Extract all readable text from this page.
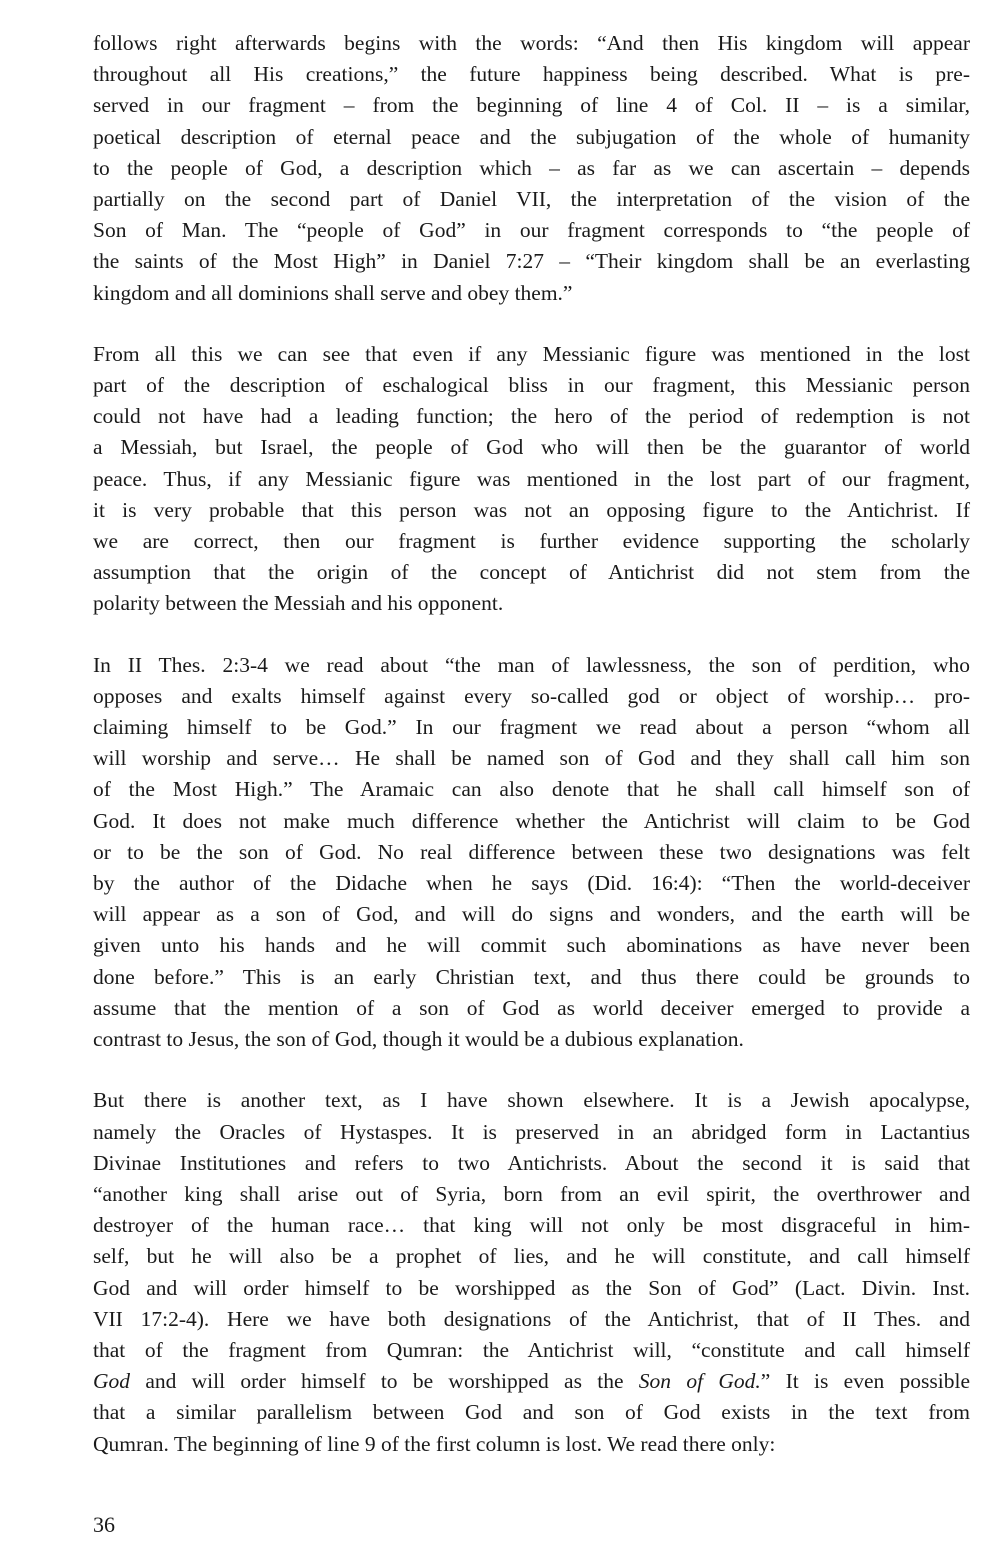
follows right afterwards begins with the words: “And then His kingdom will appear
throughout all His creations,” the future happiness being described. What is pre-
served in our fragment – from the beginning of line 4 of Col. II – is a similar,
poetical description of eternal peace and the subjugation of the whole of humanity
to the people of God, a description which – as far as we can ascertain – depends
partially on the second part of Daniel VII, the interpretation of the vision of the
Son of Man. The “people of God” in our fragment corresponds to “the people of
the saints of the Most High” in Daniel 7:27 – “Their kingdom shall be an everlasting
kingdom and all dominions shall serve and obey them.”
From all this we can see that even if any Messianic figure was mentioned in the lost
part of the description of eschalogical bliss in our fragment, this Messianic person
could not have had a leading function; the hero of the period of redemption is not
a Messiah, but Israel, the people of God who will then be the guarantor of world
peace. Thus, if any Messianic figure was mentioned in the lost part of our fragment,
it is very probable that this person was not an opposing figure to the Antichrist. If
we are correct, then our fragment is further evidence supporting the scholarly
assumption that the origin of the concept of Antichrist did not stem from the
polarity between the Messiah and his opponent.
In II Thes. 2:3-4 we read about “the man of lawlessness, the son of perdition, who
opposes and exalts himself against every so-called god or object of worship… pro-
claiming himself to be God.” In our fragment we read about a person “whom all
will worship and serve… He shall be named son of God and they shall call him son
of the Most High.” The Aramaic can also denote that he shall call himself son of
God. It does not make much difference whether the Antichrist will claim to be God
or to be the son of God. No real difference between these two designations was felt
by the author of the Didache when he says (Did. 16:4): “Then the world-deceiver
will appear as a son of God, and will do signs and wonders, and the earth will be
given unto his hands and he will commit such abominations as have never been
done before.” This is an early Christian text, and thus there could be grounds to
assume that the mention of a son of God as world deceiver emerged to provide a
contrast to Jesus, the son of God, though it would be a dubious explanation.
But there is another text, as I have shown elsewhere. It is a Jewish apocalypse,
namely the Oracles of Hystaspes. It is preserved in an abridged form in Lactantius
Divinae Institutiones and refers to two Antichrists. About the second it is said that
“another king shall arise out of Syria, born from an evil spirit, the overthrower and
destroyer of the human race… that king will not only be most disgraceful in him-
self, but he will also be a prophet of lies, and he will constitute, and call himself
God and will order himself to be worshipped as the Son of God” (Lact. Divin. Inst.
VII 17:2-4). Here we have both designations of the Antichrist, that of II Thes. and
that of the fragment from Qumran: the Antichrist will, “constitute and call himself
God and will order himself to be worshipped as the Son of God.” It is even possible
that a similar parallelism between God and son of God exists in the text from
Qumran. The beginning of line 9 of the first column is lost. We read there only:
36
